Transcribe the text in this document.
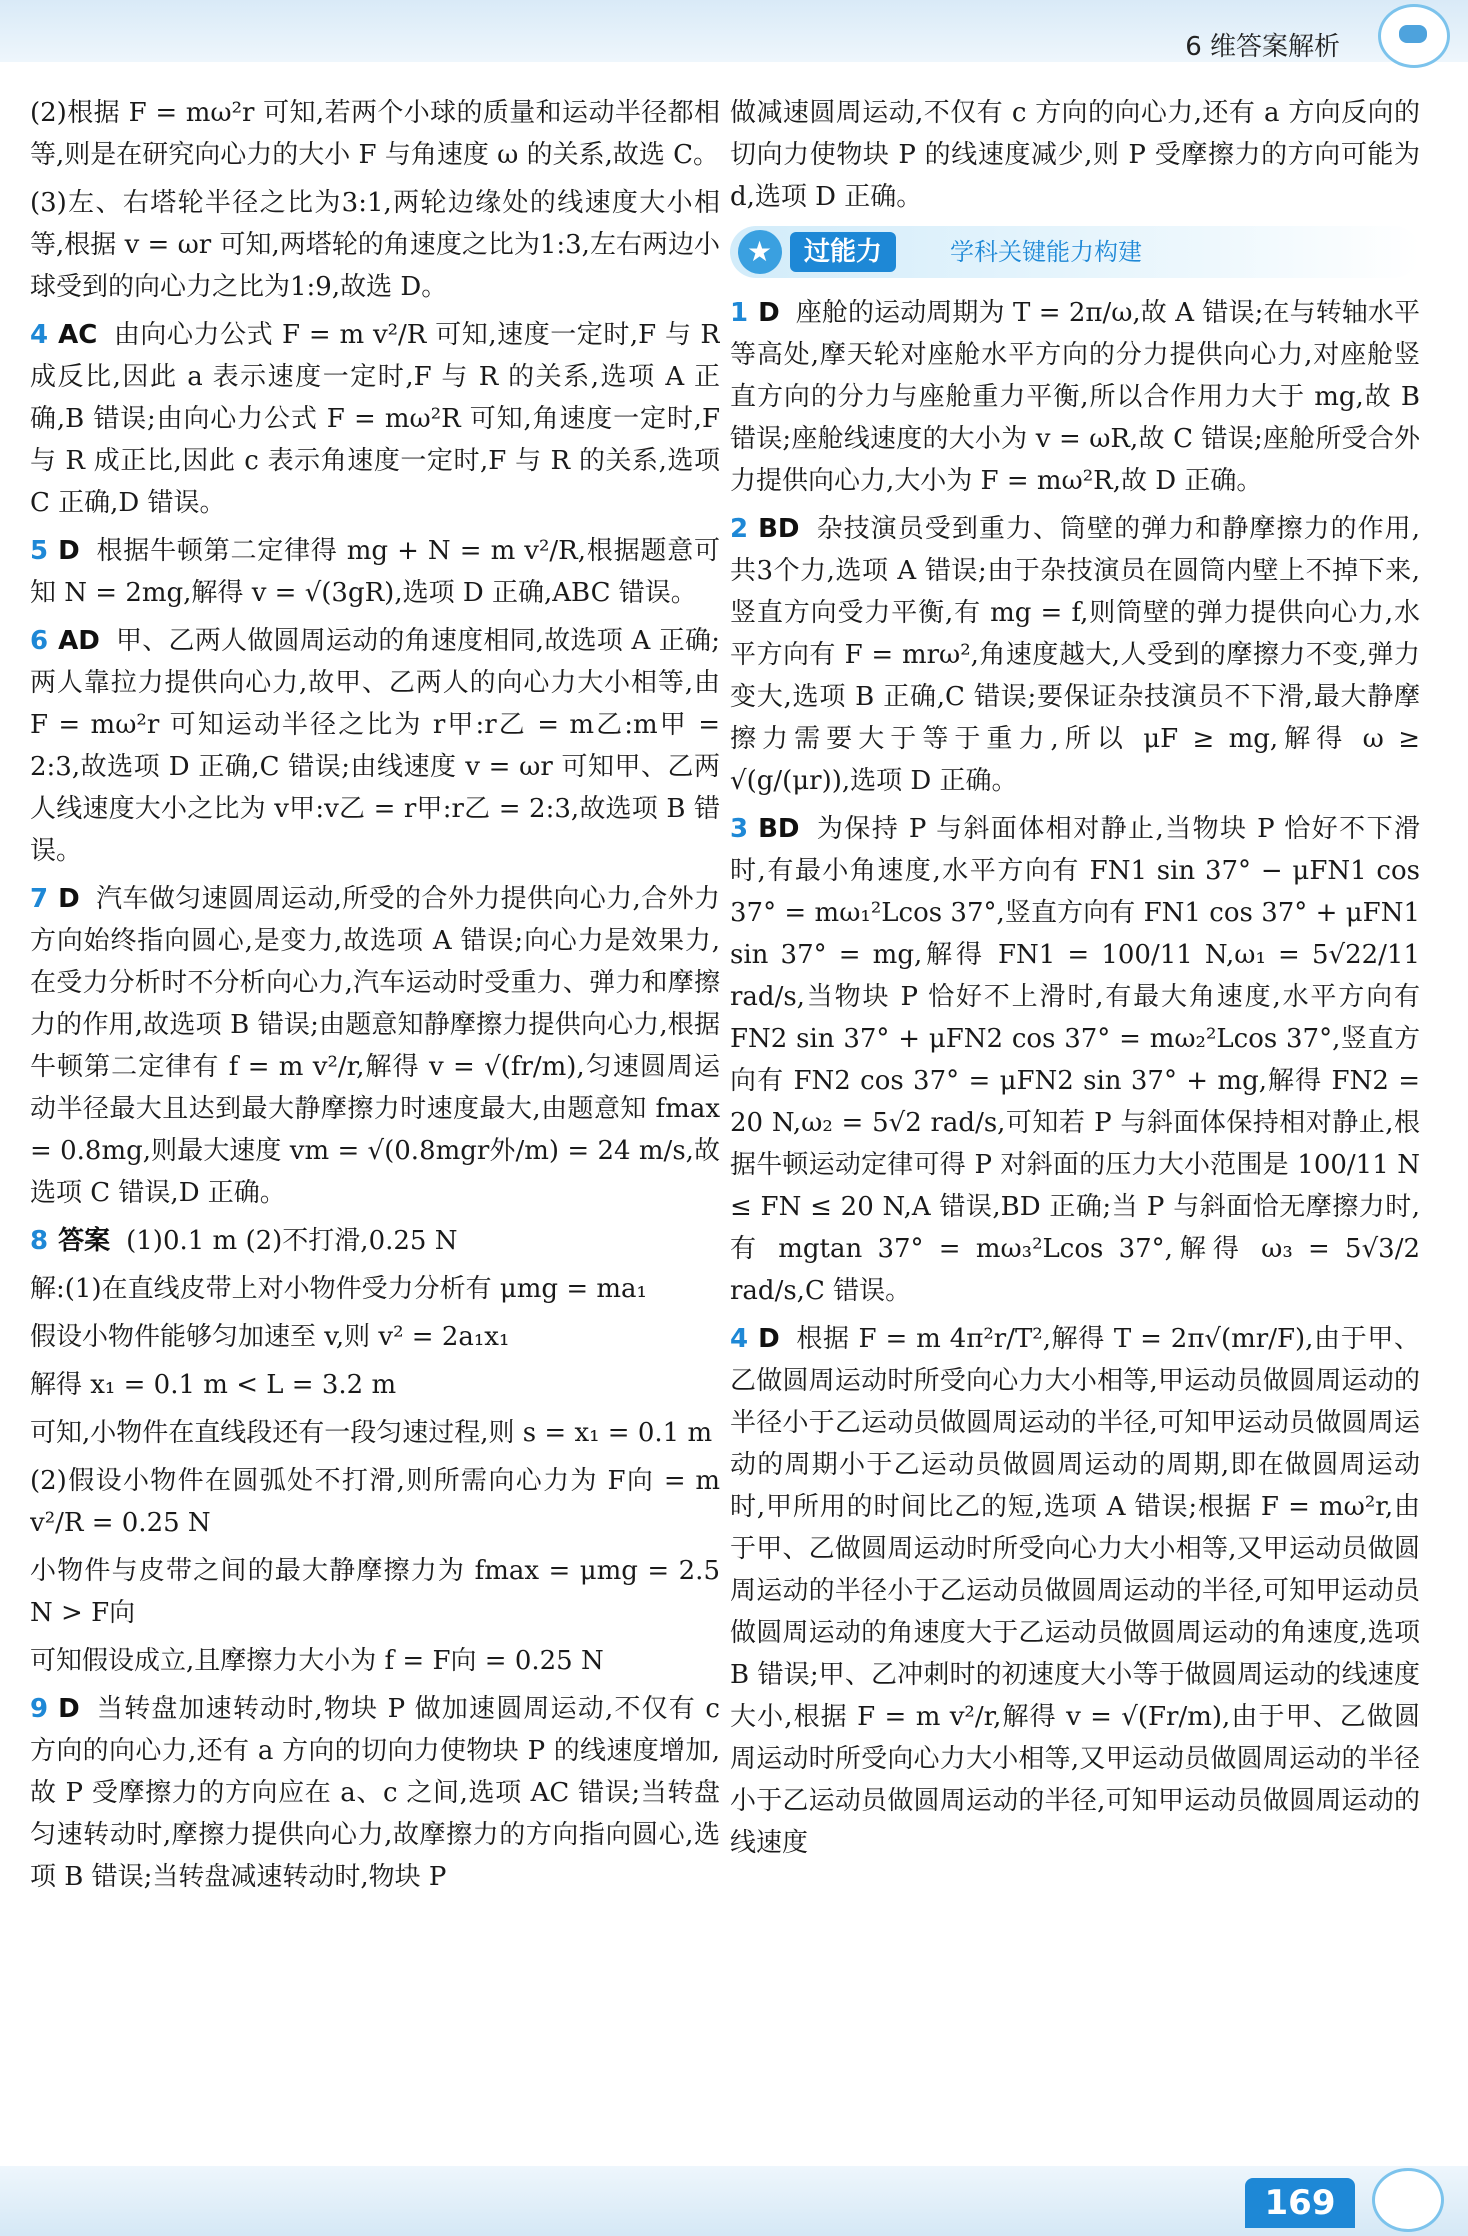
6 维答案解析

(2)根据 F = mω²r 可知,若两个小球的质量和运动半径都相等,则是在研究向心力的大小 F 与角速度 ω 的关系,故选 C。

(3)左、右塔轮半径之比为3:1,两轮边缘处的线速度大小相等,根据 v = ωr 可知,两塔轮的角速度之比为1:3,左右两边小球受到的向心力之比为1:9,故选 D。

4 AC 由向心力公式 F = m v²/R 可知,速度一定时,F 与 R 成反比,因此 a 表示速度一定时,F 与 R 的关系,选项 A 正确,B 错误;由向心力公式 F = mω²R 可知,角速度一定时,F 与 R 成正比,因此 c 表示角速度一定时,F 与 R 的关系,选项 C 正确,D 错误。

5 D 根据牛顿第二定律得 mg + N = m v²/R,根据题意可知 N = 2mg,解得 v = √(3gR),选项 D 正确,ABC 错误。

6 AD 甲、乙两人做圆周运动的角速度相同,故选项 A 正确;两人靠拉力提供向心力,故甲、乙两人的向心力大小相等,由 F = mω²r 可知运动半径之比为 r甲:r乙 = m乙:m甲 = 2:3,故选项 D 正确,C 错误;由线速度 v = ωr 可知甲、乙两人线速度大小之比为 v甲:v乙 = r甲:r乙 = 2:3,故选项 B 错误。

7 D 汽车做匀速圆周运动,所受的合外力提供向心力,合外力方向始终指向圆心,是变力,故选项 A 错误;向心力是效果力,在受力分析时不分析向心力,汽车运动时受重力、弹力和摩擦力的作用,故选项 B 错误;由题意知静摩擦力提供向心力,根据牛顿第二定律有 f = m v²/r,解得 v = √(fr/m),匀速圆周运动半径最大且达到最大静摩擦力时速度最大,由题意知 fmax = 0.8mg,则最大速度 vm = √(0.8mgr外/m) = 24 m/s,故选项 C 错误,D 正确。

8 答案 (1)0.1 m (2)不打滑,0.25 N

解:(1)在直线皮带上对小物件受力分析有 μmg = ma₁

假设小物件能够匀加速至 v,则 v² = 2a₁x₁

解得 x₁ = 0.1 m < L = 3.2 m

可知,小物件在直线段还有一段匀速过程,则 s = x₁ = 0.1 m

(2)假设小物件在圆弧处不打滑,则所需向心力为 F向 = m v²/R = 0.25 N

小物件与皮带之间的最大静摩擦力为 fmax = μmg = 2.5 N > F向

可知假设成立,且摩擦力大小为 f = F向 = 0.25 N

9 D 当转盘加速转动时,物块 P 做加速圆周运动,不仅有 c 方向的向心力,还有 a 方向的切向力使物块 P 的线速度增加,故 P 受摩擦力的方向应在 a、c 之间,选项 AC 错误;当转盘匀速转动时,摩擦力提供向心力,故摩擦力的方向指向圆心,选项 B 错误;当转盘减速转动时,物块 P

做减速圆周运动,不仅有 c 方向的向心力,还有 a 方向反向的切向力使物块 P 的线速度减少,则 P 受摩擦力的方向可能为 d,选项 D 正确。

★
过能力	学科关键能力构建

1 D 座舱的运动周期为 T = 2π/ω,故 A 错误;在与转轴水平等高处,摩天轮对座舱水平方向的分力提供向心力,对座舱竖直方向的分力与座舱重力平衡,所以合作用力大于 mg,故 B 错误;座舱线速度的大小为 v = ωR,故 C 错误;座舱所受合外力提供向心力,大小为 F = mω²R,故 D 正确。

2 BD 杂技演员受到重力、筒壁的弹力和静摩擦力的作用,共3个力,选项 A 错误;由于杂技演员在圆筒内壁上不掉下来,竖直方向受力平衡,有 mg = f,则筒壁的弹力提供向心力,水平方向有 F = mrω²,角速度越大,人受到的摩擦力不变,弹力变大,选项 B 正确,C 错误;要保证杂技演员不下滑,最大静摩擦力需要大于等于重力,所以 μF ≥ mg,解得 ω ≥ √(g/(μr)),选项 D 正确。

3 BD 为保持 P 与斜面体相对静止,当物块 P 恰好不下滑时,有最小角速度,水平方向有 FN1 sin 37° − μFN1 cos 37° = mω₁²Lcos 37°,竖直方向有 FN1 cos 37° + μFN1 sin 37° = mg,解得 FN1 = 100/11 N,ω₁ = 5√22/11 rad/s,当物块 P 恰好不上滑时,有最大角速度,水平方向有 FN2 sin 37° + μFN2 cos 37° = mω₂²Lcos 37°,竖直方向有 FN2 cos 37° = μFN2 sin 37° + mg,解得 FN2 = 20 N,ω₂ = 5√2 rad/s,可知若 P 与斜面体保持相对静止,根据牛顿运动定律可得 P 对斜面的压力大小范围是 100/11 N ≤ FN ≤ 20 N,A 错误,BD 正确;当 P 与斜面恰无摩擦力时,有 mgtan 37° = mω₃²Lcos 37°,解得 ω₃ = 5√3/2 rad/s,C 错误。

4 D 根据 F = m 4π²r/T²,解得 T = 2π√(mr/F),由于甲、乙做圆周运动时所受向心力大小相等,甲运动员做圆周运动的半径小于乙运动员做圆周运动的半径,可知甲运动员做圆周运动的周期小于乙运动员做圆周运动的周期,即在做圆周运动时,甲所用的时间比乙的短,选项 A 错误;根据 F = mω²r,由于甲、乙做圆周运动时所受向心力大小相等,又甲运动员做圆周运动的半径小于乙运动员做圆周运动的半径,可知甲运动员做圆周运动的角速度大于乙运动员做圆周运动的角速度,选项 B 错误;甲、乙冲刺时的初速度大小等于做圆周运动的线速度大小,根据 F = m v²/r,解得 v = √(Fr/m),由于甲、乙做圆周运动时所受向心力大小相等,又甲运动员做圆周运动的半径小于乙运动员做圆周运动的半径,可知甲运动员做圆周运动的线速度

169
